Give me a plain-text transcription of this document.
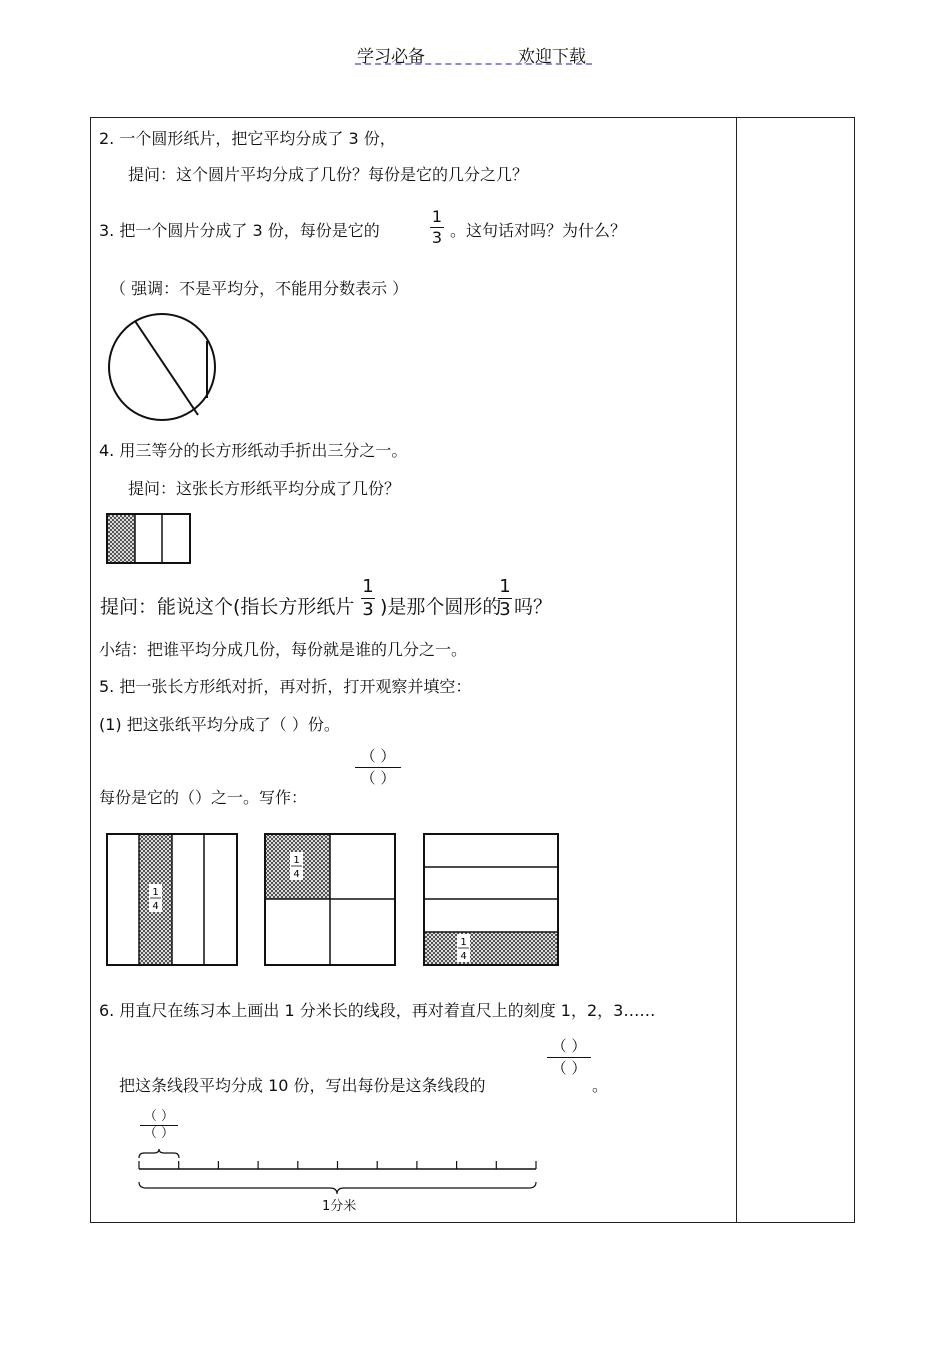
学习必备	欢迎下载
2. 一个圆形纸片，把它平均分成了 3 份，
提问：这个圆片平均分成了几份？每份是它的几分之几？
3. 把一个圆片分成了 3 份，每份是它的
1
3 。这句话对吗？为什么？
（ 强调：不是平均分，不能用分数表示 ）
4. 用三等分的长方形纸动手折出三分之一。
提问：这张长方形纸平均分成了几份？
提问：能说这个(指长方形纸片
1
3 )是那个圆形的
1
3 吗？
小结：把谁平均分成几份，每份就是谁的几分之一。
5. 把一张长方形纸对折，再对折，打开观察并填空：
(1) 把这张纸平均分成了（ ）份。
（ ）
（ ）
每份是它的（）之一。写作：
1
4
1
4
1
4
6. 用直尺在练习本上画出 1 分米长的线段，再对着直尺上的刻度 1，2，3……
（ ）
（ ）
把这条线段平均分成 10 份，写出每份是这条线段的	。
（ ）
（ ）
1分米
